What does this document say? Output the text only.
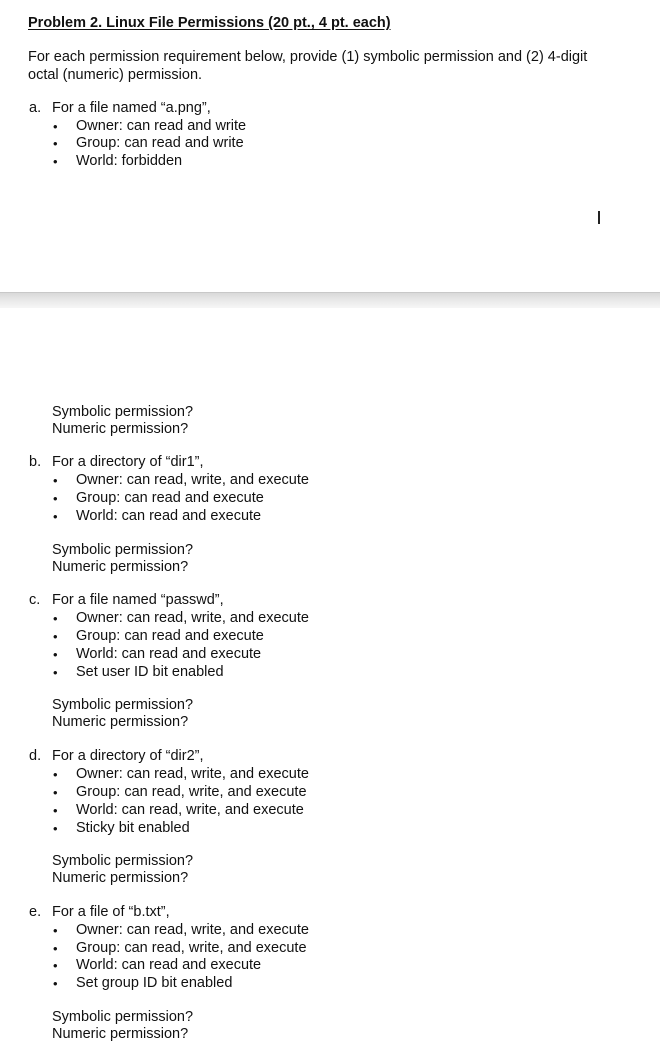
Problem 2. Linux File Permissions (20 pt., 4 pt. each)
For each permission requirement below, provide (1) symbolic permission and (2) 4-digit
octal (numeric) permission.
a. For a file named “a.png”,
• Owner: can read and write
• Group: can read and write
• World: forbidden
Symbolic permission?
Numeric permission?
b. For a directory of “dir1”,
• Owner: can read, write, and execute
• Group: can read and execute
• World: can read and execute
Symbolic permission?
Numeric permission?
c. For a file named “passwd”,
• Owner: can read, write, and execute
• Group: can read and execute
• World: can read and execute
• Set user ID bit enabled
Symbolic permission?
Numeric permission?
d. For a directory of “dir2”,
• Owner: can read, write, and execute
• Group: can read, write, and execute
• World: can read, write, and execute
• Sticky bit enabled
Symbolic permission?
Numeric permission?
e. For a file of “b.txt”,
• Owner: can read, write, and execute
• Group: can read, write, and execute
• World: can read and execute
• Set group ID bit enabled
Symbolic permission?
Numeric permission?
